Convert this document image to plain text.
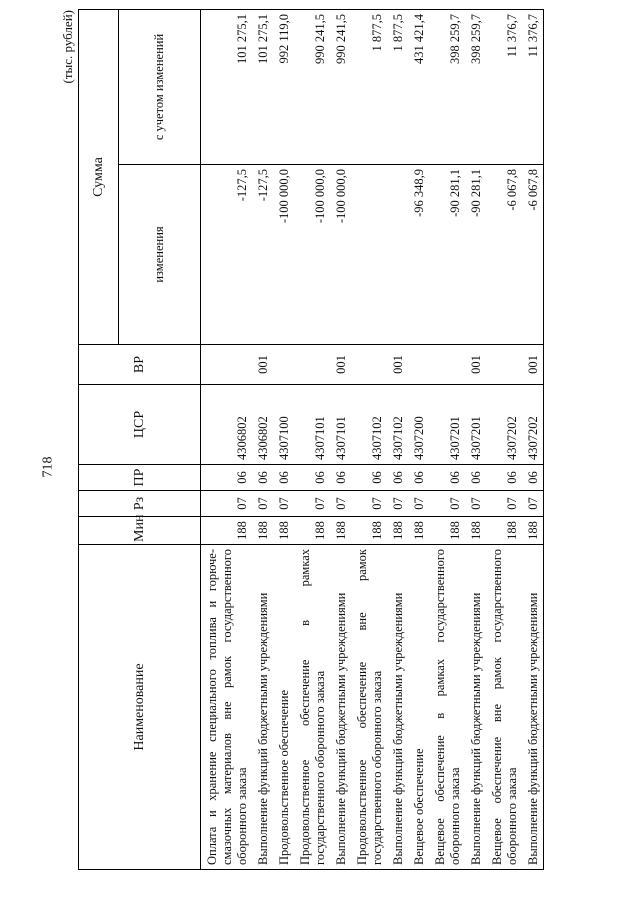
718
(тыс. рублей)
Наименование	Мин	Рз	ПР	ЦСР	ВР	Сумма	
						изменения	с учетом изменений
Оплата и хранение специального топлива и горюче-смазочных материалов вне рамок государственного оборонного заказа	188	07	06	4306802		-127,5	101 275,1
Выполнение функций бюджетными учреждениями	188	07	06	4306802	001	-127,5	101 275,1
Продовольственное обеспечение	188	07	06	4307100		-100 000,0	992 119,0
Продовольственное обеспечение в рамках государственного оборонного заказа	188	07	06	4307101		-100 000,0	990 241,5
Выполнение функций бюджетными учреждениями	188	07	06	4307101	001	-100 000,0	990 241,5
Продовольственное обеспечение вне рамок государственного оборонного заказа	188	07	06	4307102			1 877,5
Выполнение функций бюджетными учреждениями	188	07	06	4307102	001		1 877,5
Вещевое обеспечение	188	07	06	4307200		-96 348,9	431 421,4
Вещевое обеспечение в рамках государственного оборонного заказа	188	07	06	4307201		-90 281,1	398 259,7
Выполнение функций бюджетными учреждениями	188	07	06	4307201	001	-90 281,1	398 259,7
Вещевое обеспечение вне рамок государственного оборонного заказа	188	07	06	4307202		-6 067,8	11 376,7
Выполнение функций бюджетными учреждениями	188	07	06	4307202	001	-6 067,8	11 376,7
